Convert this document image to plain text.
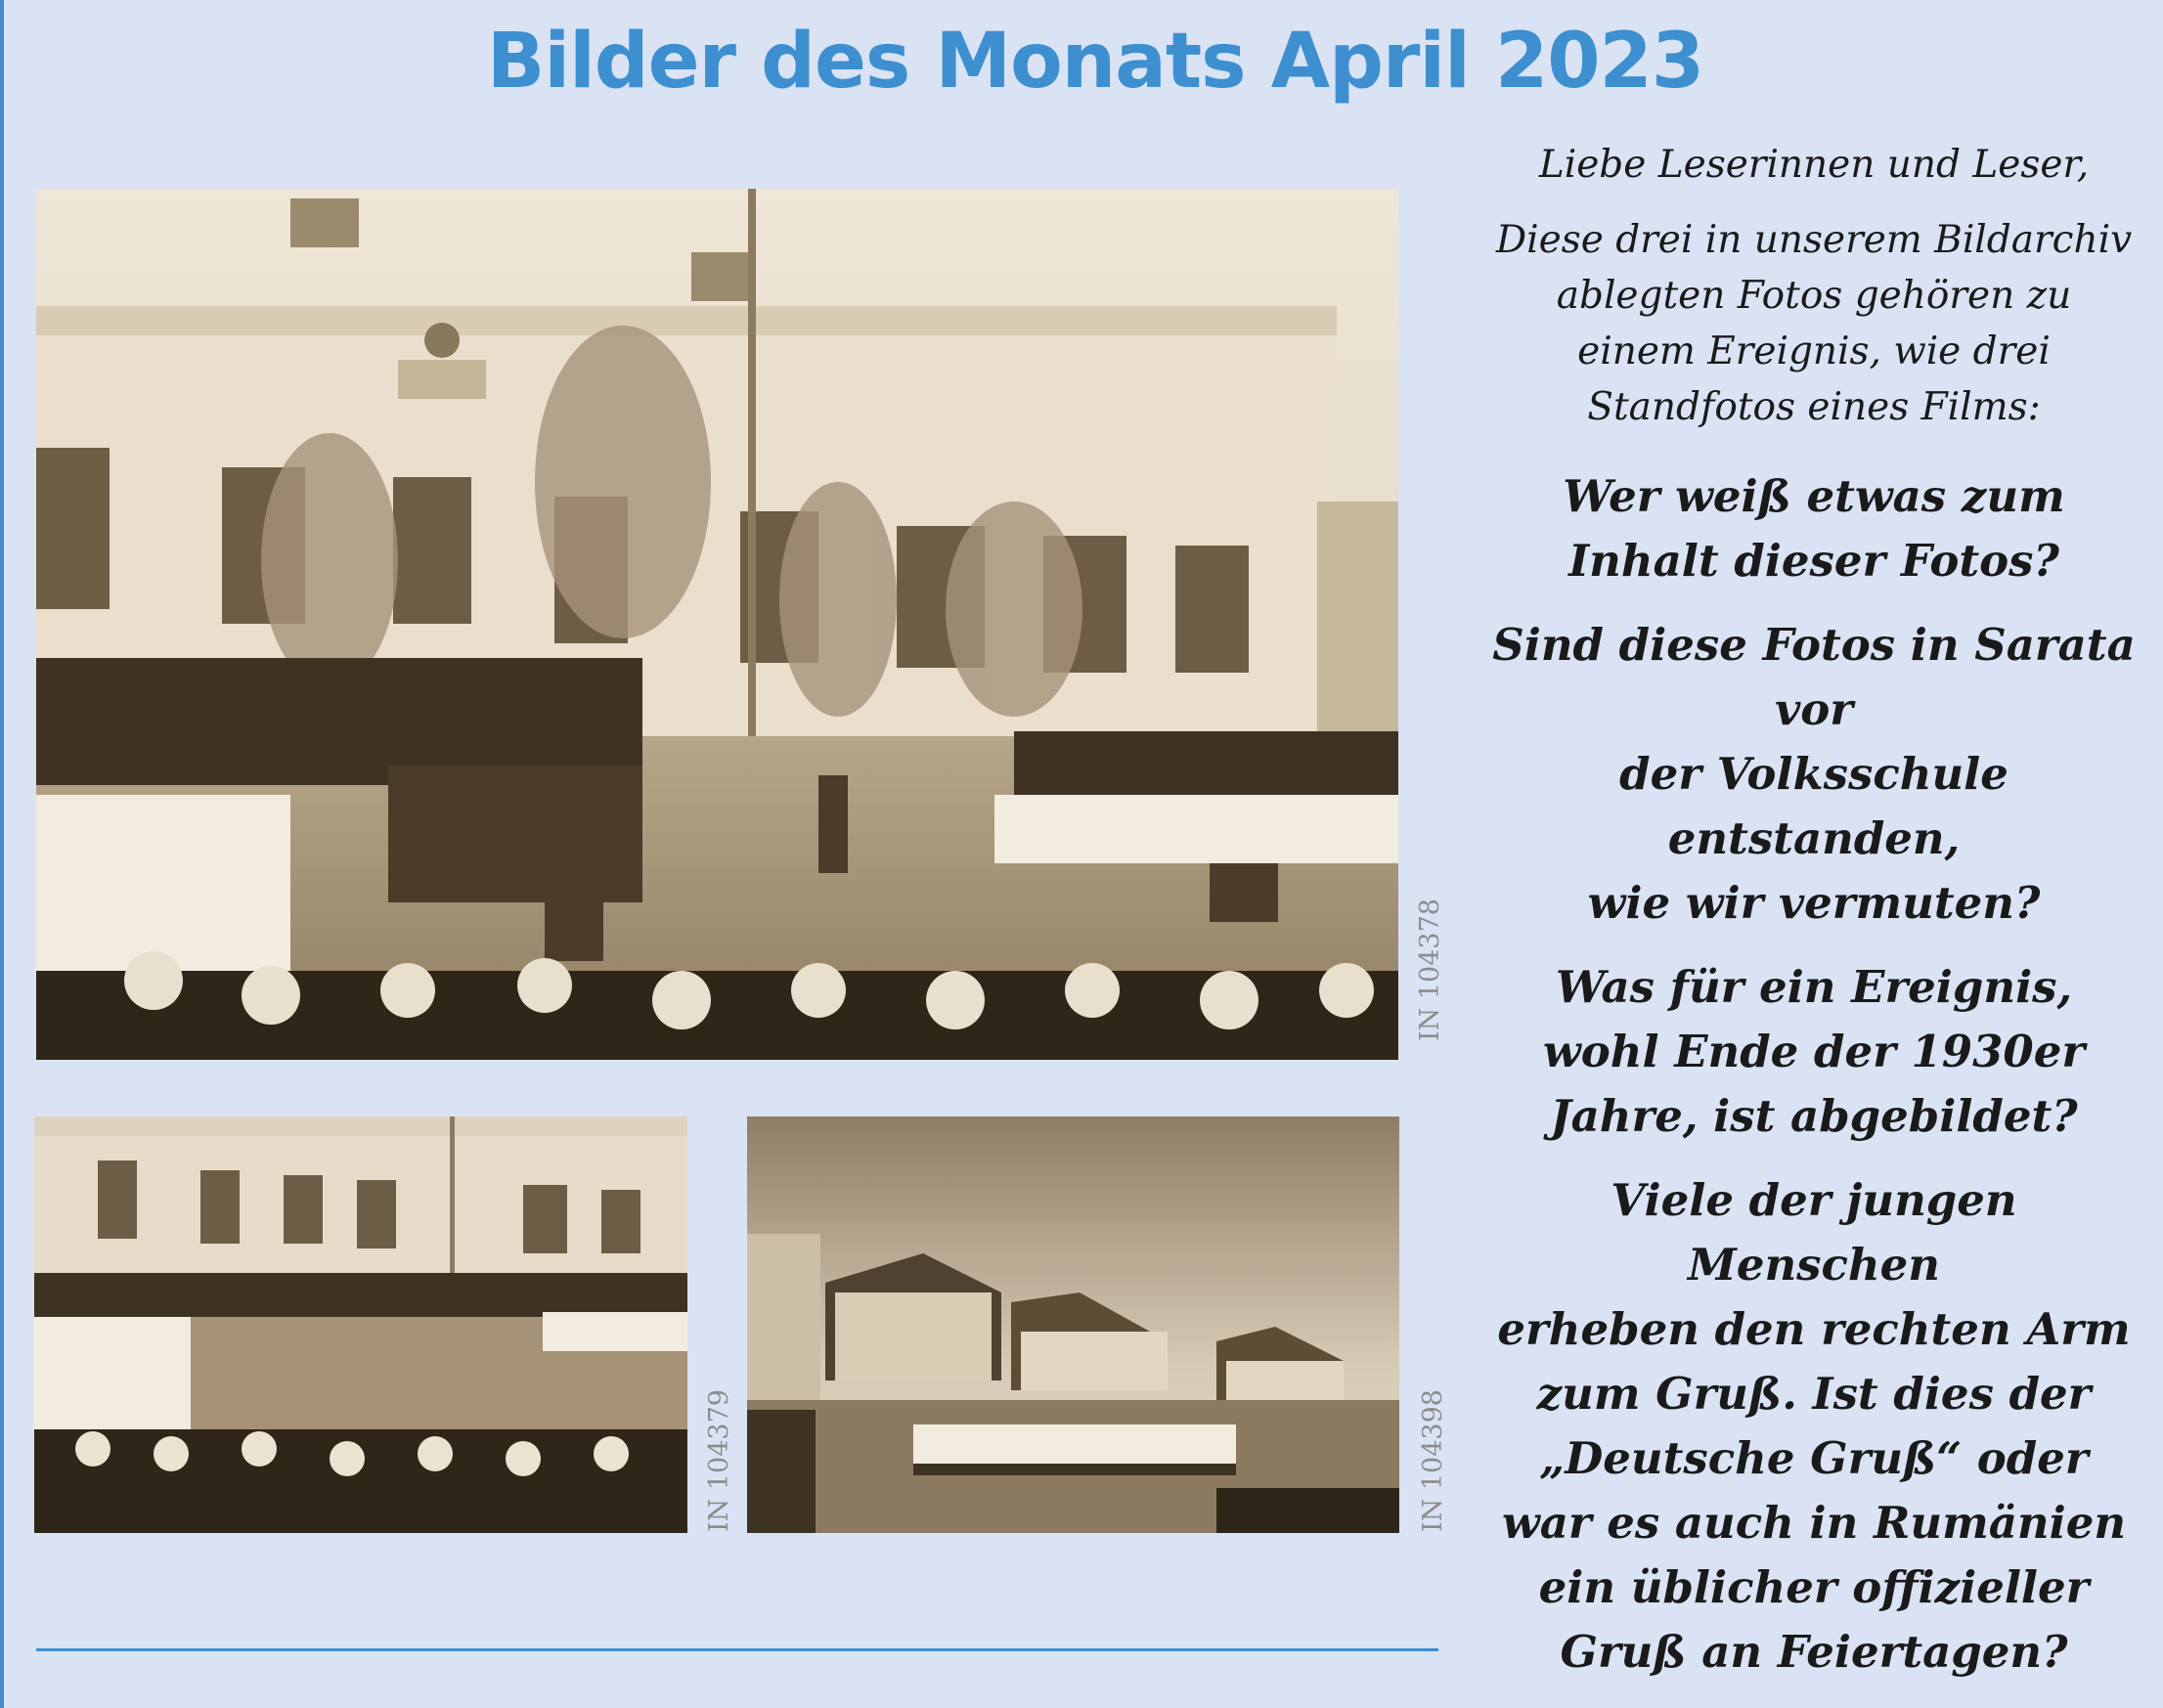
Bilder des Monats April 2023
IN 104378
IN 104379	IN 104398

Liebe Leserinnen und Leser,

Diese drei in unserem Bildarchiv

ablegten Fotos gehören zu

einem Ereignis, wie drei

Standfotos eines Films:

Wer weiß etwas zum

Inhalt dieser Fotos?

Sind diese Fotos in Sarata vor

der Volksschule entstanden,

wie wir vermuten?

Was für ein Ereignis,

wohl Ende der 1930er

Jahre, ist abgebildet?

Viele der jungen Menschen

erheben den rechten Arm

zum Gruß. Ist dies der

„Deutsche Gruß“ oder

war es auch in Rumänien

ein üblicher offizieller

Gruß an Feiertagen?
